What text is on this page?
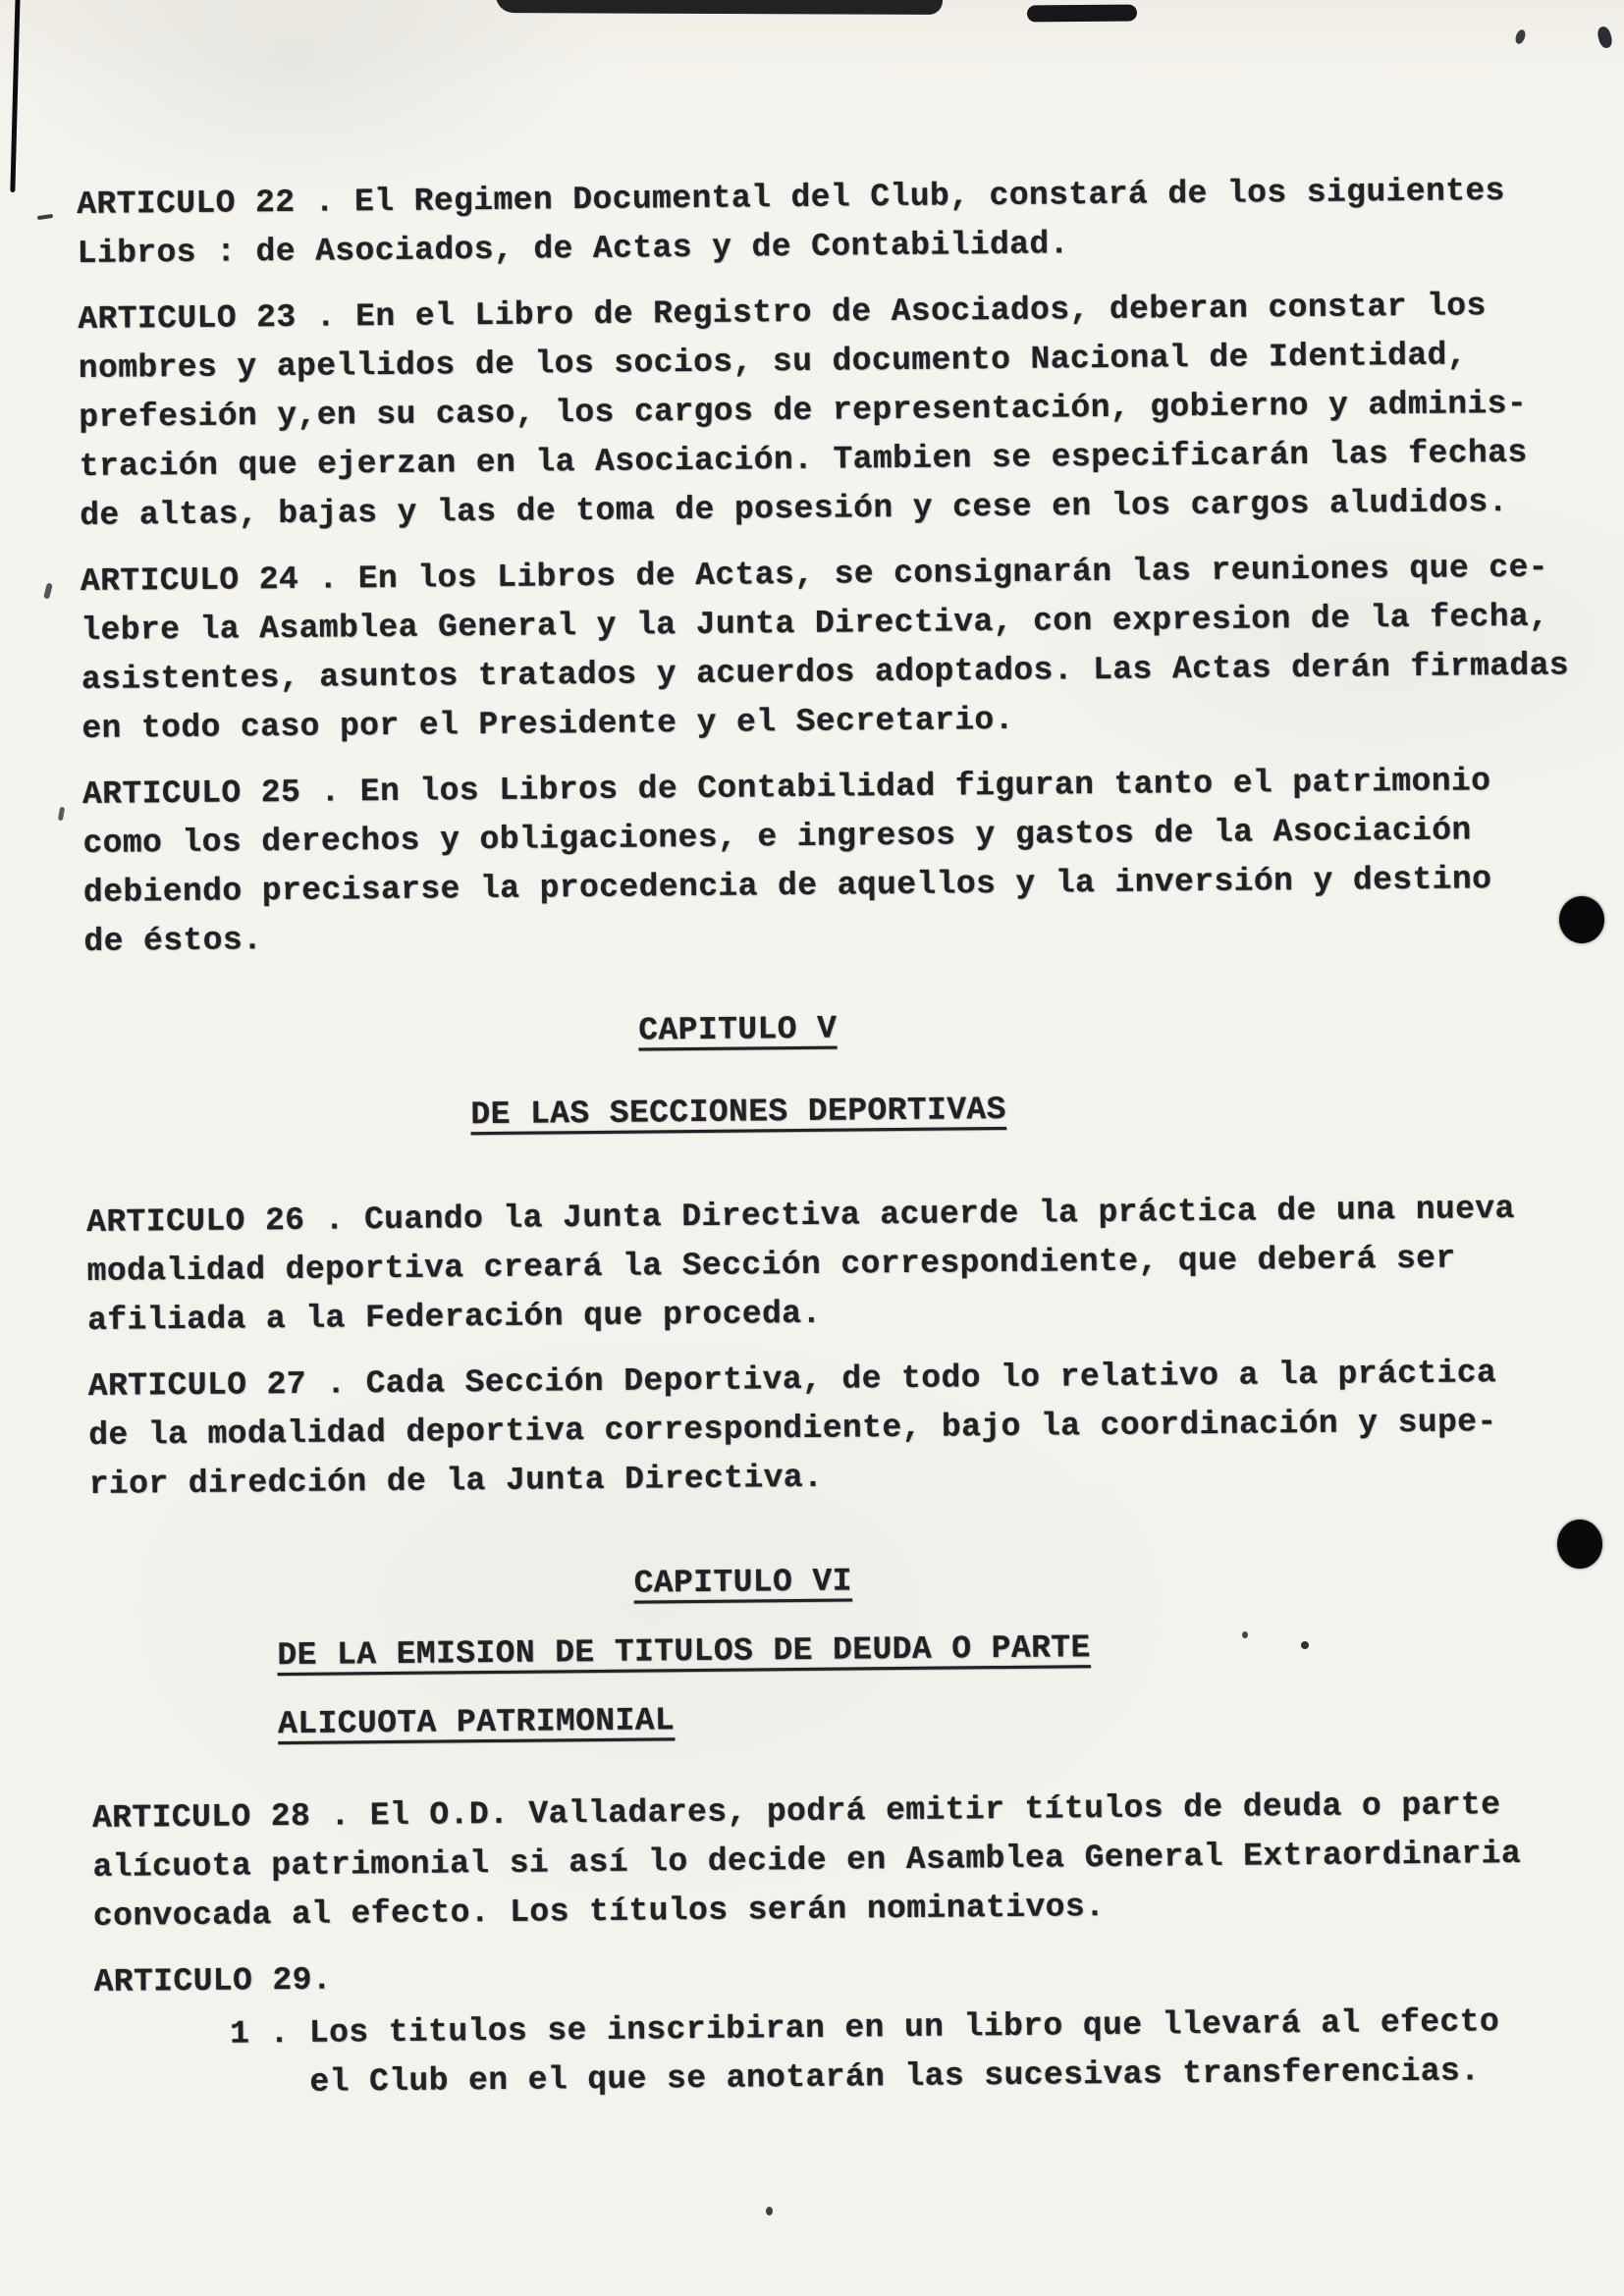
ARTICULO 22 . El Regimen Documental del Club, constará de los siguientes
Libros : de Asociados, de Actas y de Contabilidad.
ARTICULO 23 . En el Libro de Registro de Asociados, deberan constar los
nombres y apellidos de los socios, su documento Nacional de Identidad,
prefesión y,en su caso, los cargos de representación, gobierno y adminis-
tración que ejerzan en la Asociación. Tambien se especificarán las fechas
de altas, bajas y las de toma de posesión y cese en los cargos aludidos.
ARTICULO 24 . En los Libros de Actas, se consignarán las reuniones que ce-
lebre la Asamblea General y la Junta Directiva, con expresion de la fecha,
asistentes, asuntos tratados y acuerdos adoptados. Las Actas derán firmadas
en todo caso por el Presidente y el Secretario.
ARTICULO 25 . En los Libros de Contabilidad figuran tanto el patrimonio
como los derechos y obligaciones, e ingresos y gastos de la Asociación
debiendo precisarse la procedencia de aquellos y la inversión y destino
de éstos.
CAPITULO V
DE LAS SECCIONES DEPORTIVAS
ARTICULO 26 . Cuando la Junta Directiva acuerde la práctica de una nueva
modalidad deportiva creará la Sección correspondiente, que deberá ser
afiliada a la Federación que proceda.
ARTICULO 27 . Cada Sección Deportiva, de todo lo relativo a la práctica
de la modalidad deportiva correspondiente, bajo la coordinación y supe-
rior diredción de la Junta Directiva.
CAPITULO VI
DE LA EMISION DE TITULOS DE DEUDA O PARTE
ALICUOTA PATRIMONIAL
ARTICULO 28 . El O.D. Valladares, podrá emitir títulos de deuda o parte
alícuota patrimonial si así lo decide en Asamblea General Extraordinaria
convocada al efecto. Los títulos serán nominativos.
ARTICULO 29.
1 . Los titulos se inscribiran en un libro que llevará al efecto
el Club en el que se anotarán las sucesivas transferencias.
